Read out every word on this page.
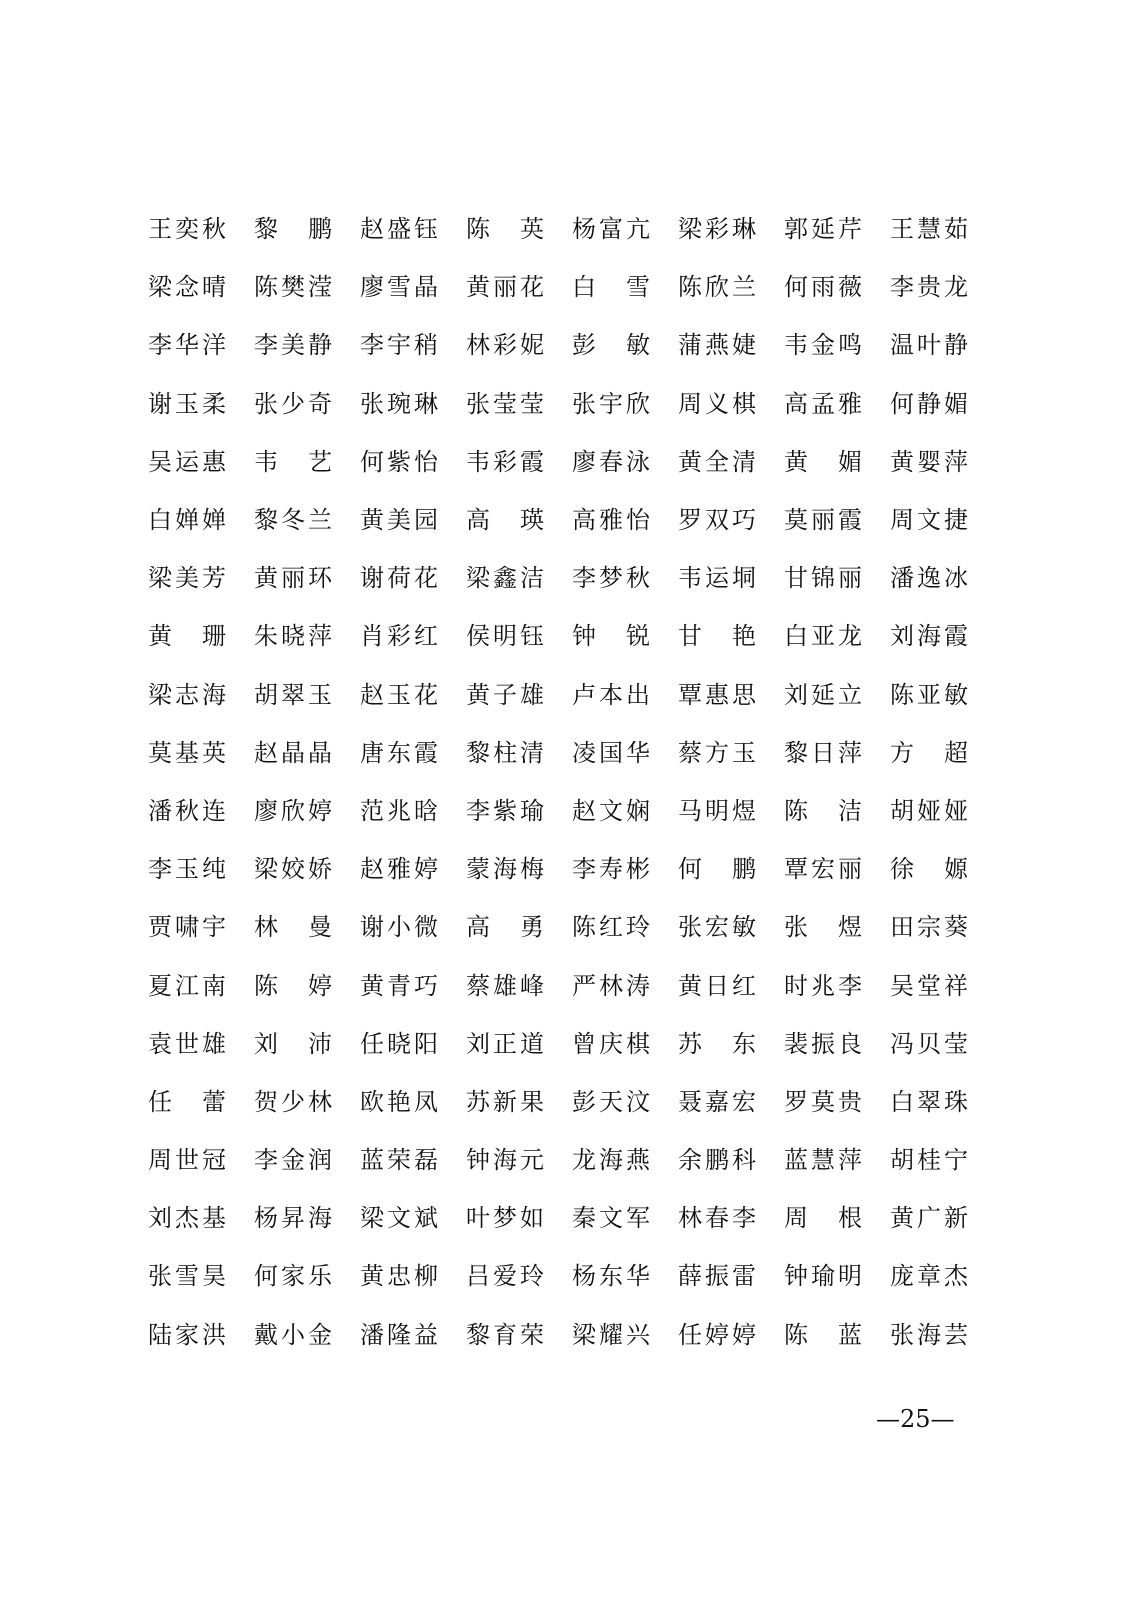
王奕秋 黎 鹏 赵盛钰 陈 英 杨富亢 梁彩琳 郭延芹 王慧茹
梁念晴 陈樊滢 廖雪晶 黄丽花 白 雪 陈欣兰 何雨薇 李贵龙
李华洋 李美静 李宇稍 林彩妮 彭 敏 蒲燕婕 韦金鸣 温叶静
谢玉柔 张少奇 张琬琳 张莹莹 张宇欣 周义棋 高孟雅 何静媚
吴运惠 韦 艺 何紫怡 韦彩霞 廖春泳 黄全清 黄 媚 黄婴萍
白婵婵 黎冬兰 黄美园 高 瑛 高雅怡 罗双巧 莫丽霞 周文捷
梁美芳 黄丽环 谢荷花 梁鑫洁 李梦秋 韦运垌 甘锦丽 潘逸冰
黄 珊 朱晓萍 肖彩红 侯明钰 钟 锐 甘 艳 白亚龙 刘海霞
梁志海 胡翠玉 赵玉花 黄子雄 卢本出 覃惠思 刘延立 陈亚敏
莫基英 赵晶晶 唐东霞 黎柱清 凌国华 蔡方玉 黎日萍 方 超
潘秋连 廖欣婷 范兆晗 李紫瑜 赵文娴 马明煜 陈 洁 胡娅娅
李玉纯 梁姣娇 赵雅婷 蒙海梅 李寿彬 何 鹏 覃宏丽 徐 嫄
贾啸宇 林 曼 谢小微 高 勇 陈红玲 张宏敏 张 煜 田宗葵
夏江南 陈 婷 黄青巧 蔡雄峰 严林涛 黄日红 时兆李 吴堂祥
袁世雄 刘 沛 任晓阳 刘正道 曾庆棋 苏 东 裴振良 冯贝莹
任 蕾 贺少林 欧艳凤 苏新果 彭天汶 聂嘉宏 罗莫贵 白翠珠
周世冠 李金润 蓝荣磊 钟海元 龙海燕 余鹏科 蓝慧萍 胡桂宁
刘杰基 杨昇海 梁文斌 叶梦如 秦文军 林春李 周 根 黄广新
张雪昊 何家乐 黄忠柳 吕爱玲 杨东华 薛振雷 钟瑜明 庞章杰
陆家洪 戴小金 潘隆益 黎育荣 梁耀兴 任婷婷 陈 蓝 张海芸
—25—
